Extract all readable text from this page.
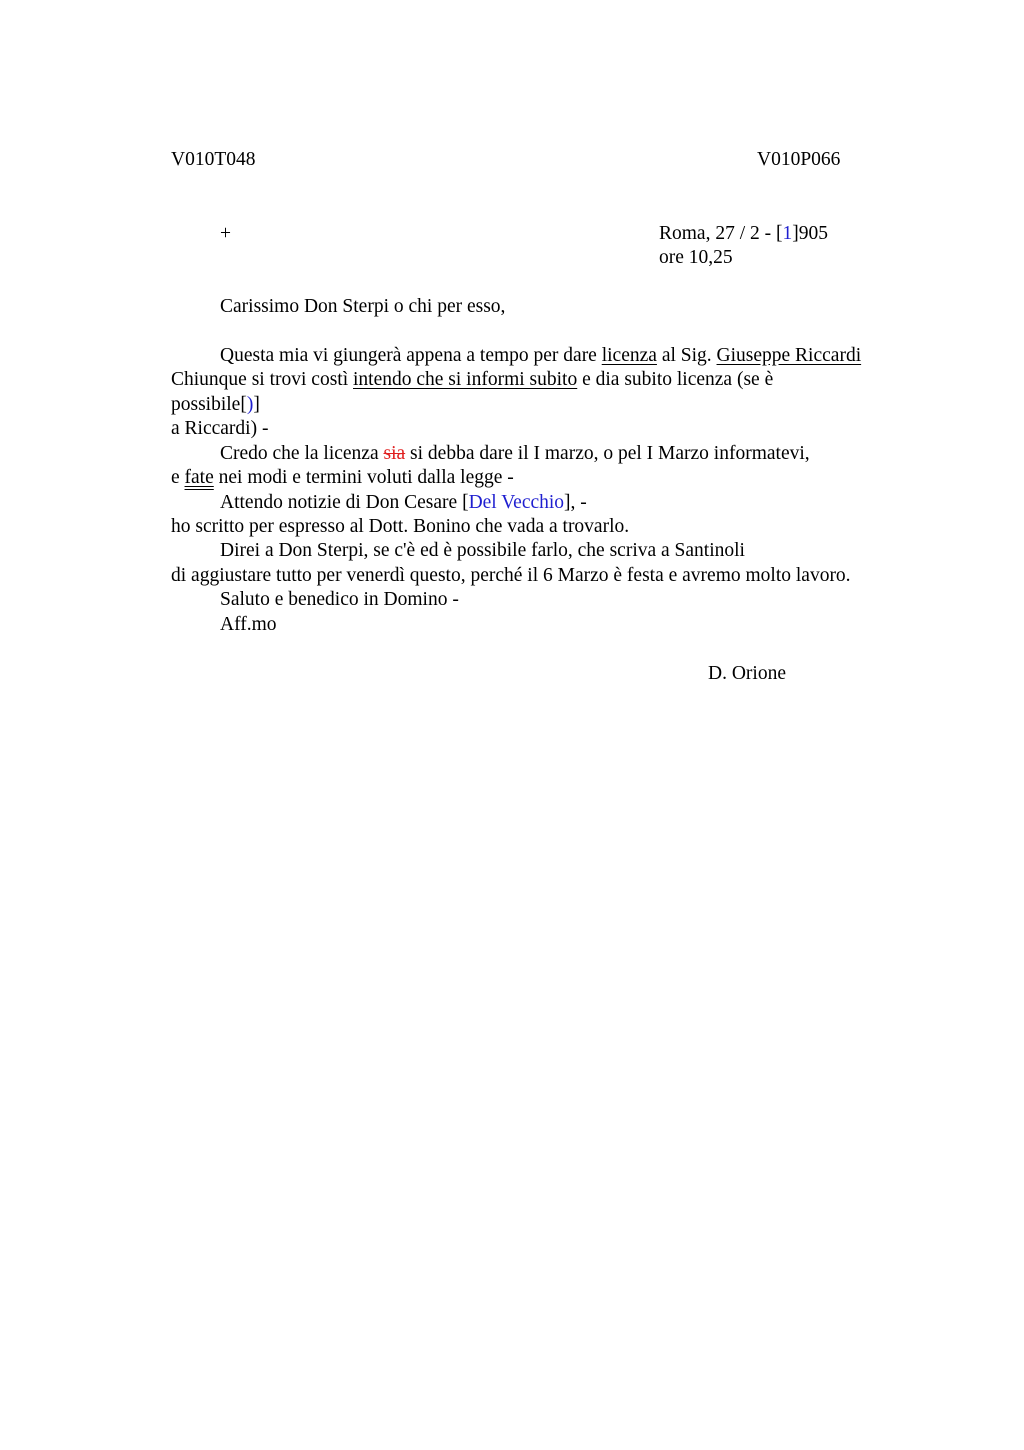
V010T048	V010P066
+	Roma, 27 / 2 - [1]905
ore 10,25
Carissimo Don Sterpi o chi per esso,
Questa mia vi giungerà appena a tempo per dare licenza al Sig. Giuseppe Riccardi
Chiunque si trovi costì intendo che si informi subito e dia subito licenza (se è
possibile[)]
a Riccardi) -
Credo che la licenza sia si debba dare il I marzo, o pel I Marzo informatevi,
e fate nei modi e termini voluti dalla legge -
Attendo notizie di Don Cesare [Del Vecchio], -
ho scritto per espresso al Dott. Bonino che vada a trovarlo.
Direi a Don Sterpi, se c'è ed è possibile farlo, che scriva a Santinoli
di aggiustare tutto per venerdì questo, perché il 6 Marzo è festa e avremo molto lavoro.
Saluto e benedico in Domino -
Aff.mo
D. Orione
